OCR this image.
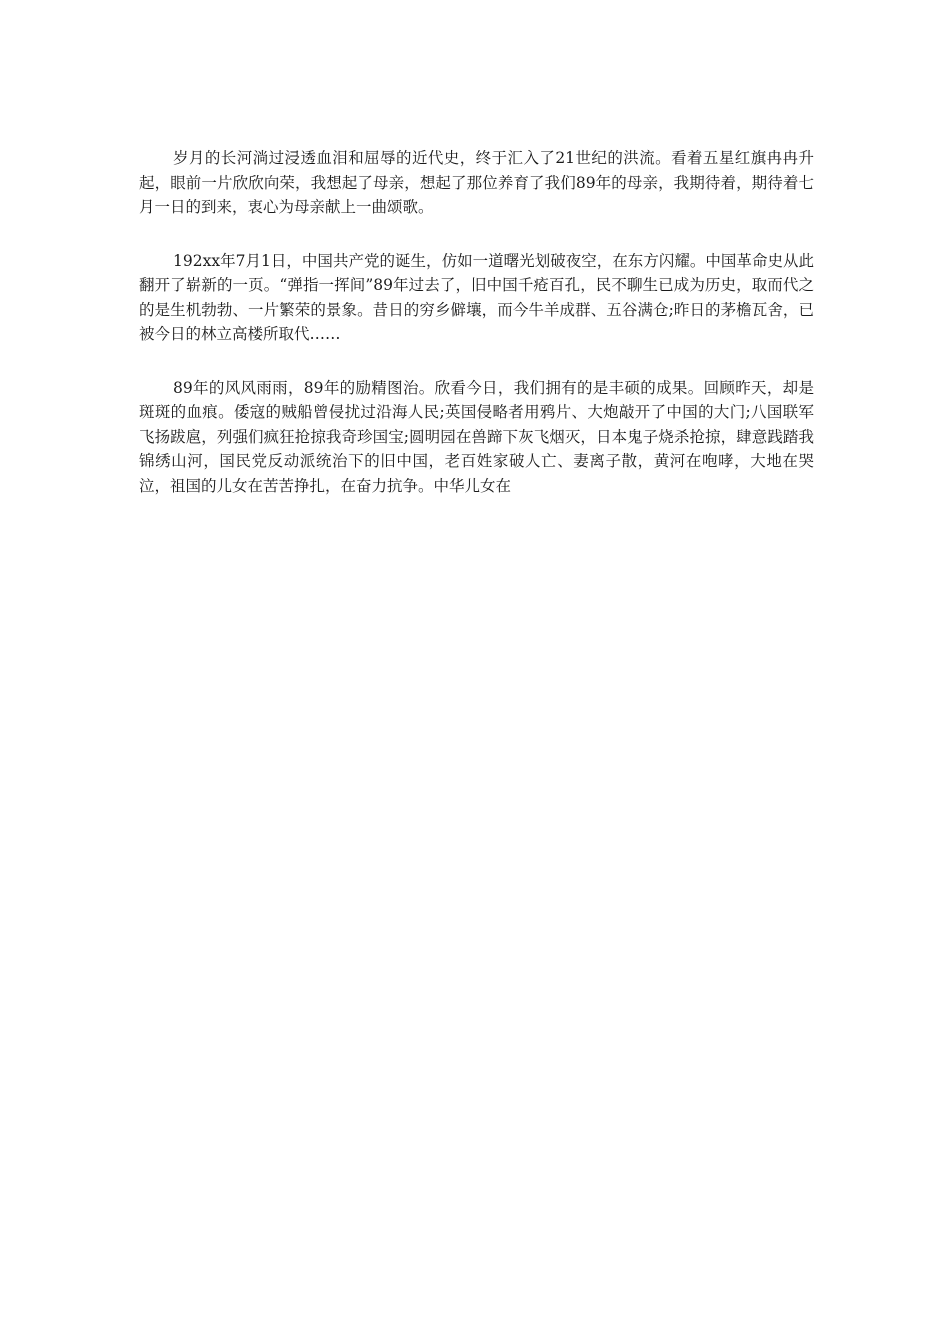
岁月的长河淌过浸透血泪和屈辱的近代史，终于汇入了21世纪的洪流。看着五星红旗冉冉升起，眼前一片欣欣向荣，我想起了母亲，想起了那位养育了我们89年的母亲，我期待着，期待着七月一日的到来，衷心为母亲献上一曲颂歌。

192xx年7月1日，中国共产党的诞生，仿如一道曙光划破夜空，在东方闪耀。中国革命史从此翻开了崭新的一页。“弹指一挥间”89年过去了，旧中国千疮百孔，民不聊生已成为历史，取而代之的是生机勃勃、一片繁荣的景象。昔日的穷乡僻壤，而今牛羊成群、五谷满仓;昨日的茅檐瓦舍，已被今日的林立高楼所取代……

89年的风风雨雨，89年的励精图治。欣看今日，我们拥有的是丰硕的成果。回顾昨天，却是斑斑的血痕。倭寇的贼船曾侵扰过沿海人民;英国侵略者用鸦片、大炮敲开了中国的大门;八国联军飞扬跋扈，列强们疯狂抢掠我奇珍国宝;圆明园在兽蹄下灰飞烟灭，日本鬼子烧杀抢掠，肆意践踏我锦绣山河，国民党反动派统治下的旧中国，老百姓家破人亡、妻离子散，黄河在咆哮，大地在哭泣，祖国的儿女在苦苦挣扎，在奋力抗争。中华儿女在
